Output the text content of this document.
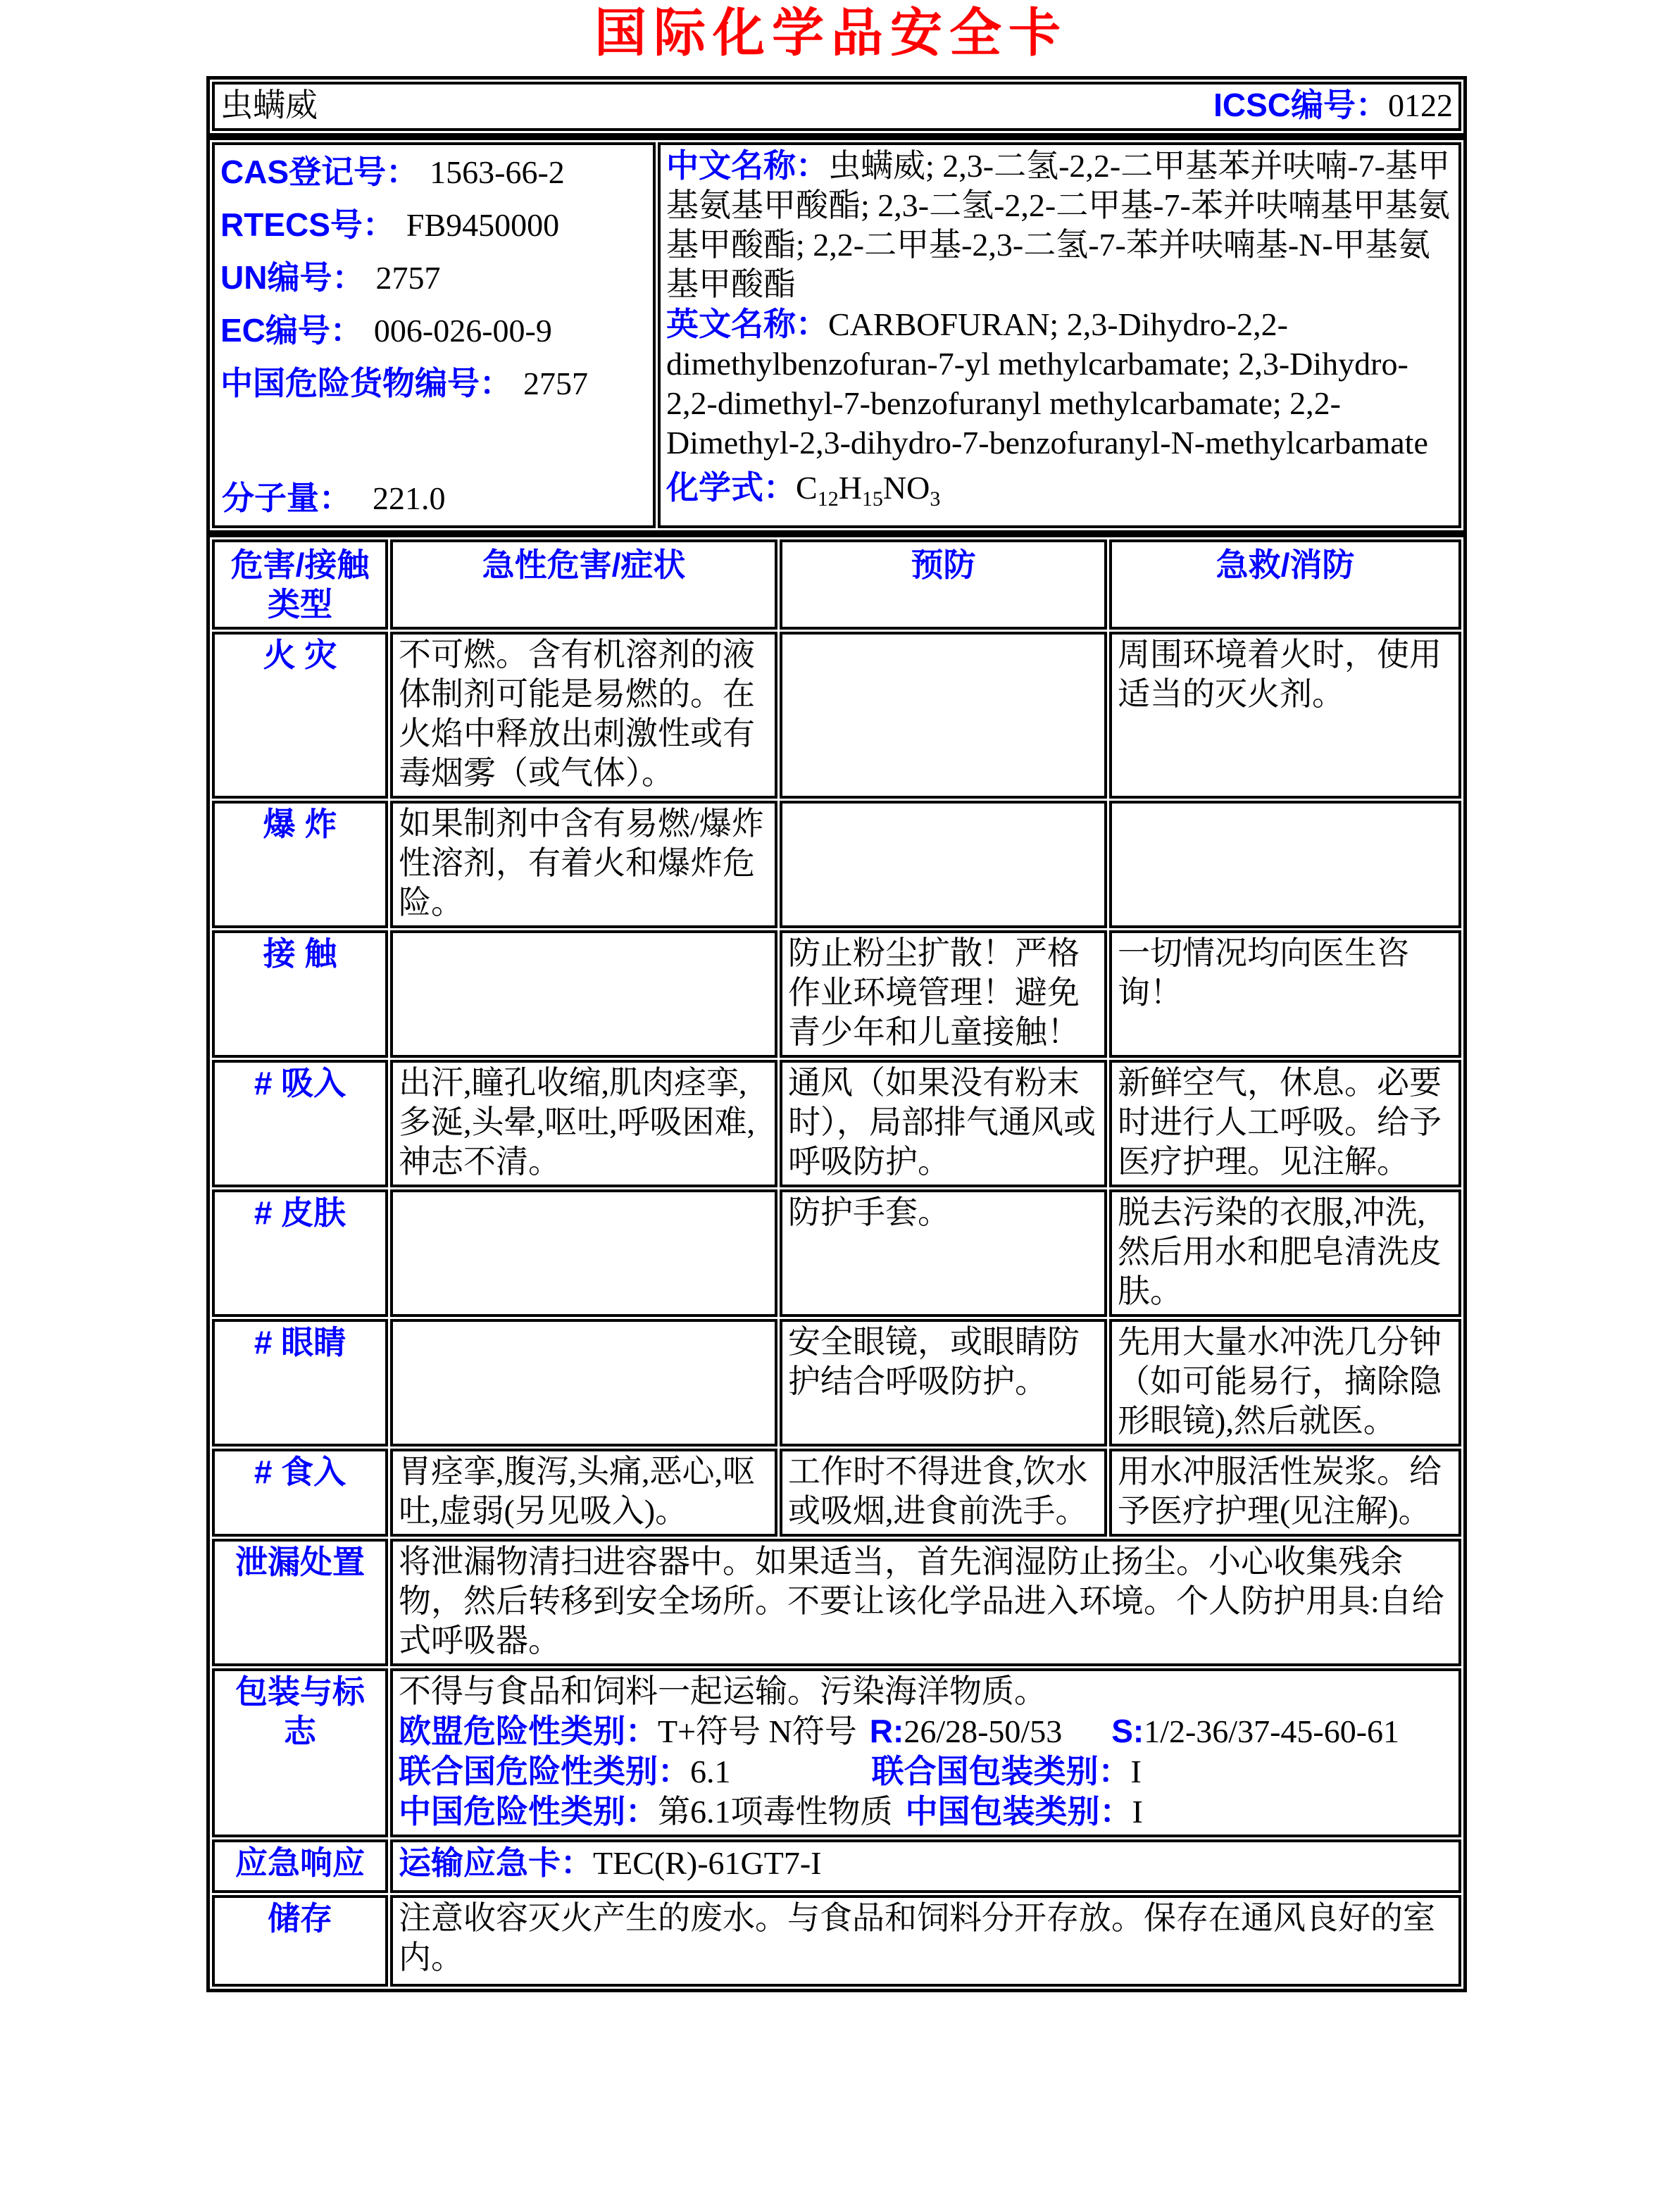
国际化学品安全卡
虫螨威	ICSC编号：0122
CAS登记号： 1563-66-2
RTECS号： FB9450000
UN编号： 2757
EC编号： 006-026-00-9
中国危险货物编号： 2757
分子量： 221.0

中文名称：虫螨威; 2,3-二氢-2,2-二甲基苯并呋喃-7-基甲基氨基甲酸酯; 2,3-二氢-2,2-二甲基-7-苯并呋喃基甲基氨基甲酸酯; 2,2-二甲基-2,3-二氢-7-苯并呋喃基-N-甲基氨基甲酸酯
英文名称：CARBOFURAN; 2,3-Dihydro-2,2-dimethylbenzofuran-7-yl methylcarbamate; 2,3-Dihydro-2,2-dimethyl-7-benzofuranyl methylcarbamate; 2,2-Dimethyl-2,3-dihydro-7-benzofuranyl-N-methylcarbamate
化学式：$C_{12}H_{15}NO_3$
危害/接触类型	急性危害/症状	预防	急救/消防
火 灾	不可燃。含有机溶剂的液体制剂可能是易燃的。在火焰中释放出刺激性或有毒烟雾（或气体）。		周围环境着火时，使用适当的灭火剂。
爆 炸	如果制剂中含有易燃/爆炸性溶剂，有着火和爆炸危险。		
接 触		防止粉尘扩散！严格作业环境管理！避免青少年和儿童接触！	一切情况均向医生咨询！
# 吸入	出汗,瞳孔收缩,肌肉痉挛,多涎,头晕,呕吐,呼吸困难,神志不清。	通风（如果没有粉末时），局部排气通风或呼吸防护。	新鲜空气，休息。必要时进行人工呼吸。给予医疗护理。见注解。
# 皮肤		防护手套。	脱去污染的衣服,冲洗,然后用水和肥皂清洗皮肤。
# 眼睛		安全眼镜，或眼睛防护结合呼吸防护。	先用大量水冲洗几分钟（如可能易行，摘除隐形眼镜),然后就医。
# 食入	胃痉挛,腹泻,头痛,恶心,呕吐,虚弱(另见吸入)。	工作时不得进食,饮水或吸烟,进食前洗手。	用水冲服活性炭浆。给予医疗护理(见注解)。
泄漏处置	将泄漏物清扫进容器中。如果适当，首先润湿防止扬尘。小心收集残余物，然后转移到安全场所。不要让该化学品进入环境。个人防护用具:自给式呼吸器。		
包装与标志	不得与食品和饲料一起运输。污染海洋物质。
欧盟危险性类别：T+符号 N符号 R:26/28-50/53 S:1/2-36/37-45-60-61
联合国危险性类别：6.1 联合国包装类别：I
中国危险性类别：第6.1项毒性物质 中国包装类别：I		

应急响应	运输应急卡：TEC(R)-61GT7-I		
储存	注意收容灭火产生的废水。与食品和饲料分开存放。保存在通风良好的室内。		
